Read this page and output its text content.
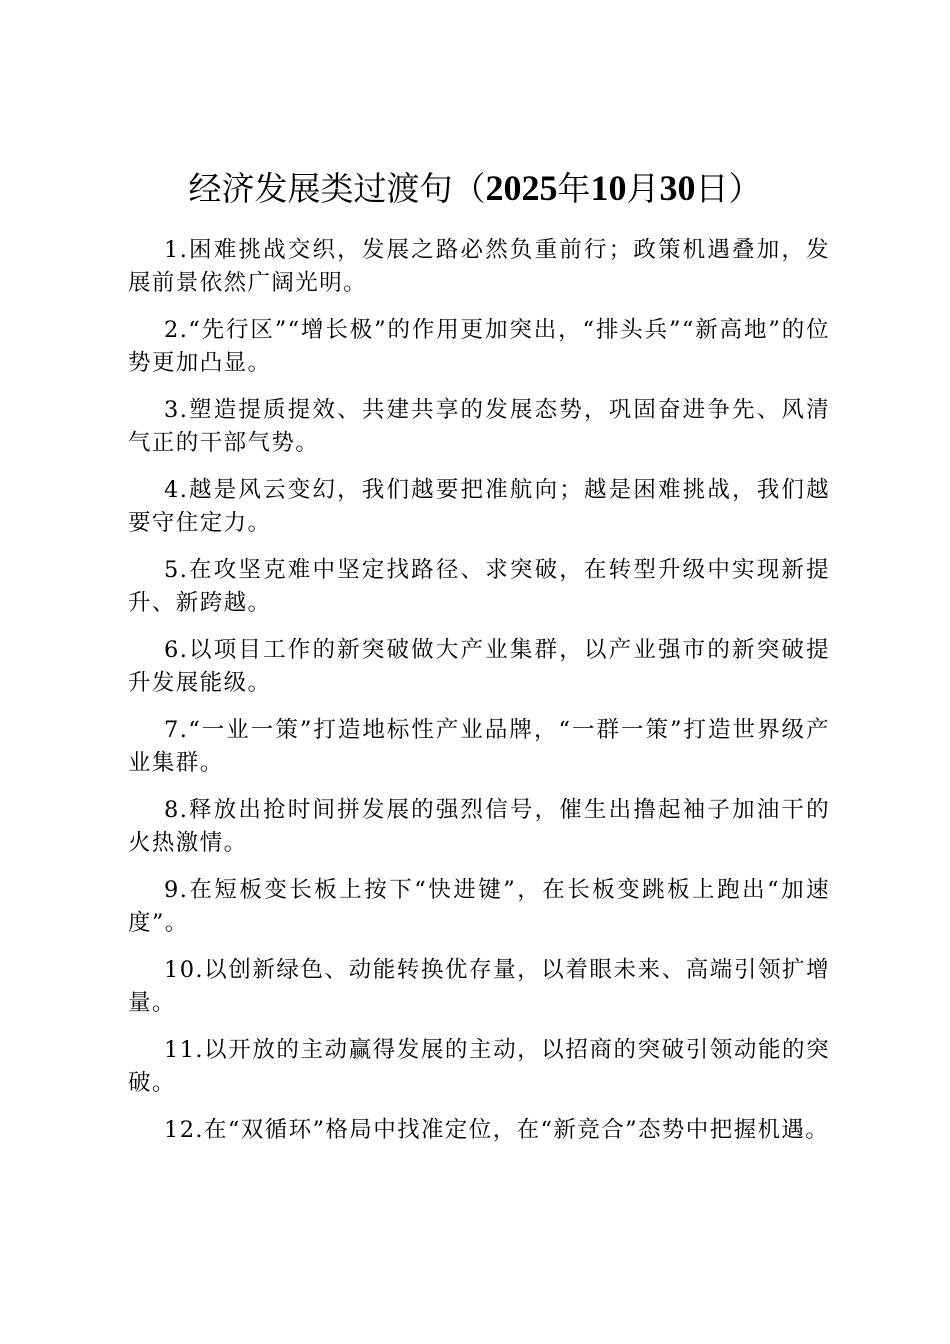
经济发展类过渡句（2025年10月30日）

1.困难挑战交织，发展之路必然负重前行；政策机遇叠加，发展前景依然广阔光明。

2.“先行区”“增长极”的作用更加突出，“排头兵”“新高地”的位势更加凸显。

3.塑造提质提效、共建共享的发展态势，巩固奋进争先、风清气正的干部气势。

4.越是风云变幻，我们越要把准航向；越是困难挑战，我们越要守住定力。

5.在攻坚克难中坚定找路径、求突破，在转型升级中实现新提升、新跨越。

6.以项目工作的新突破做大产业集群，以产业强市的新突破提升发展能级。

7.“一业一策”打造地标性产业品牌，“一群一策”打造世界级产业集群。

8.释放出抢时间拼发展的强烈信号，催生出撸起袖子加油干的火热激情。

9.在短板变长板上按下“快进键”，在长板变跳板上跑出“加速度”。

10.以创新绿色、动能转换优存量，以着眼未来、高端引领扩增量。

11.以开放的主动赢得发展的主动，以招商的突破引领动能的突破。

12.在“双循环”格局中找准定位，在“新竞合”态势中把握机遇。
